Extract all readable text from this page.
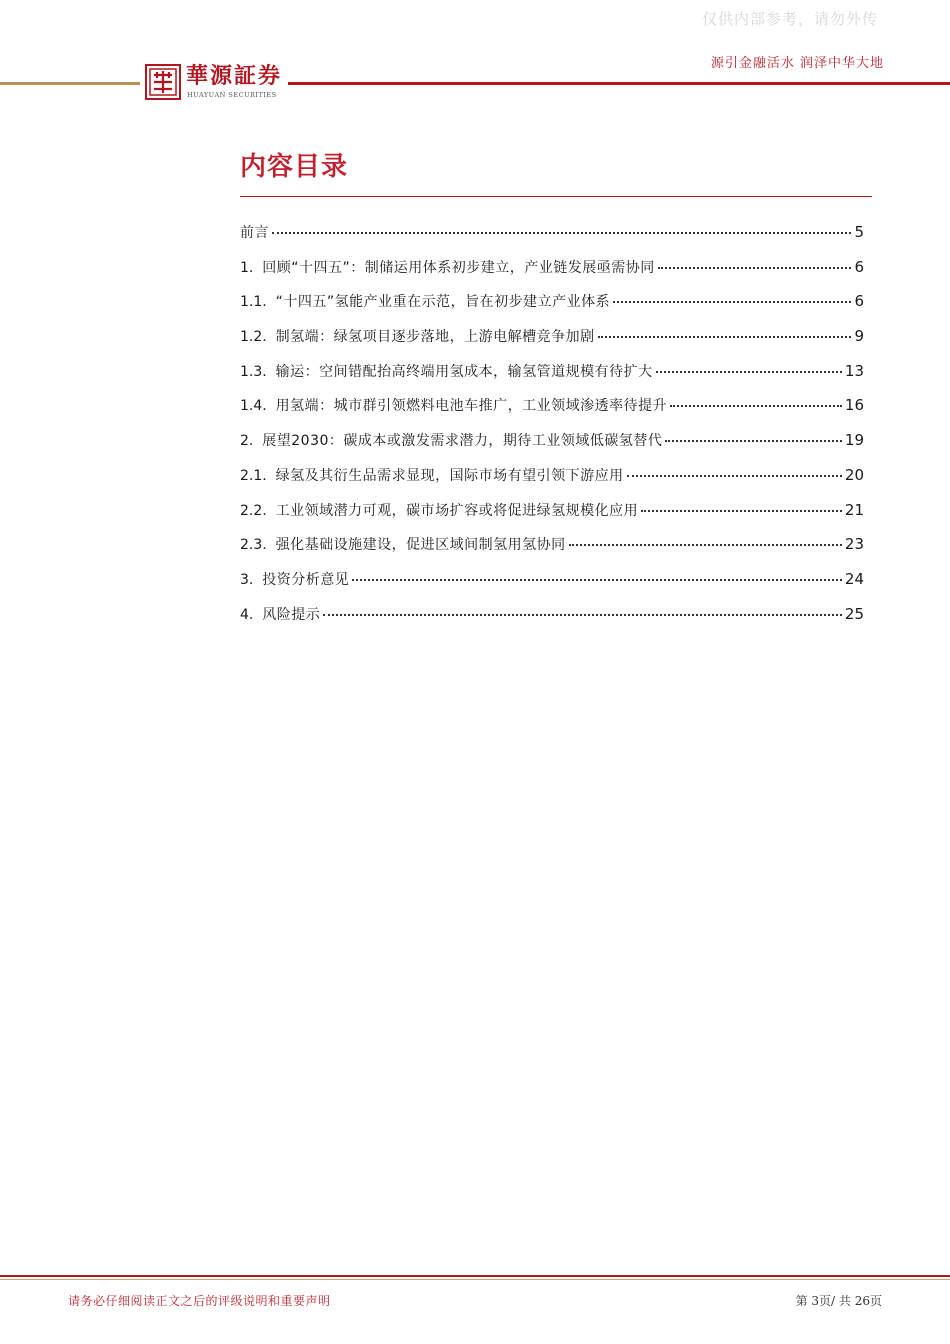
仅供内部参考，请勿外传
源引金融活水 润泽中华大地
華源証券
HUAYUAN SECURITIES
内容目录
前言	5
1. 回顾“十四五”：制储运用体系初步建立，产业链发展亟需协同	6
1.1. “十四五”氢能产业重在示范，旨在初步建立产业体系	6
1.2. 制氢端：绿氢项目逐步落地，上游电解槽竞争加剧	9
1.3. 输运：空间错配抬高终端用氢成本，输氢管道规模有待扩大	13
1.4. 用氢端：城市群引领燃料电池车推广，工业领域渗透率待提升	16
2. 展望2030：碳成本或激发需求潜力，期待工业领域低碳氢替代	19
2.1. 绿氢及其衍生品需求显现，国际市场有望引领下游应用	20
2.2. 工业领域潜力可观，碳市场扩容或将促进绿氢规模化应用	21
2.3. 强化基础设施建设，促进区域间制氢用氢协同	23
3. 投资分析意见	24
4. 风险提示	25
请务必仔细阅读正文之后的评级说明和重要声明	第 3页/ 共 26页
